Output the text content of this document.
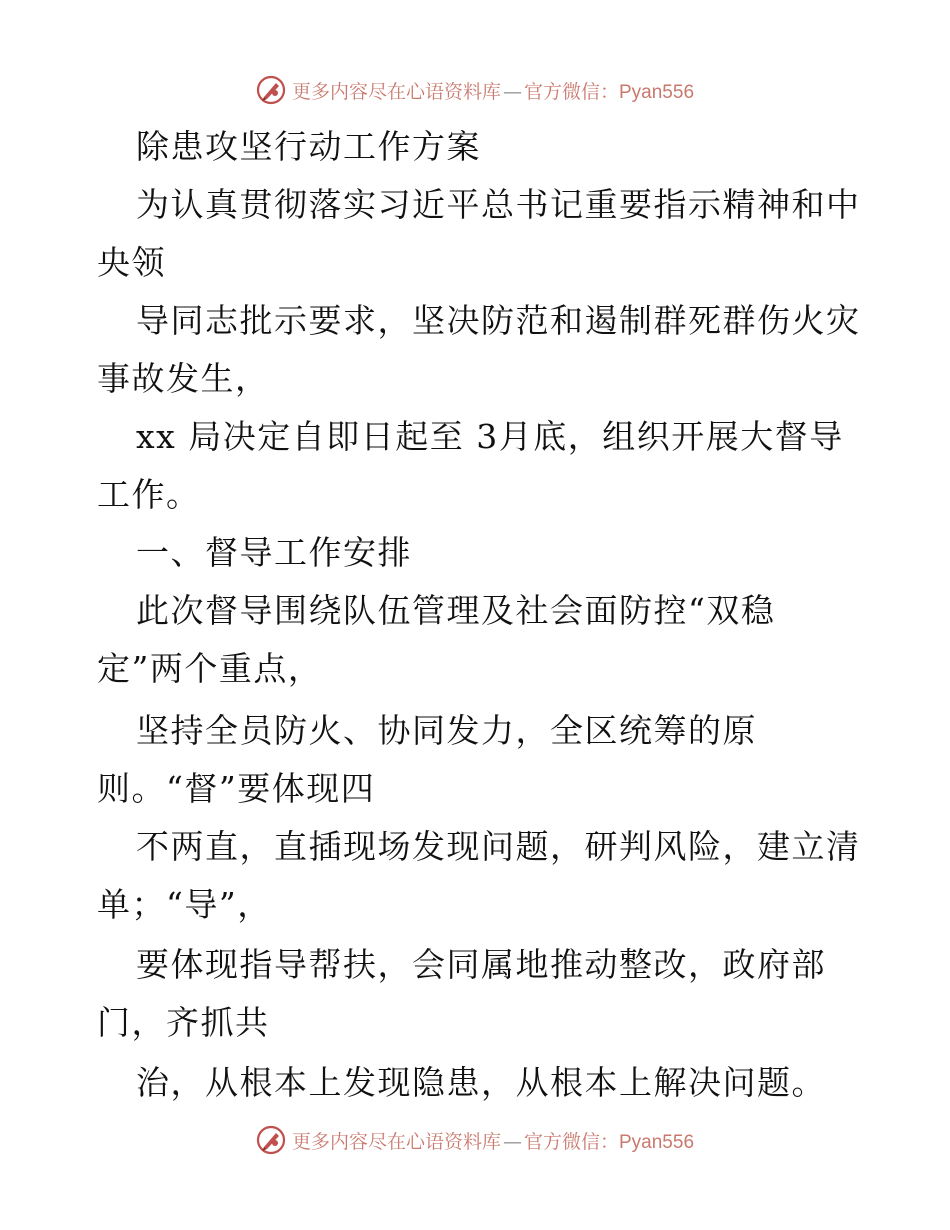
更多内容尽在心语资料库 — 官方微信：Pyan556
除患攻坚行动工作方案
为认真贯彻落实习近平总书记重要指示精神和中
央领
导同志批示要求，坚决防范和遏制群死群伤火灾
事故发生，
xx 局决定自即日起至 3月底，组织开展大督导
工作。
一、督导工作安排
此次督导围绕队伍管理及社会面防控“双稳
定”两个重点，
坚持全员防火、协同发力，全区统筹的原
则。“督”要体现四
不两直，直插现场发现问题，研判风险，建立清
单；“导”，
要体现指导帮扶，会同属地推动整改，政府部
门，齐抓共
治，从根本上发现隐患，从根本上解决问题。
更多内容尽在心语资料库 — 官方微信：Pyan556
